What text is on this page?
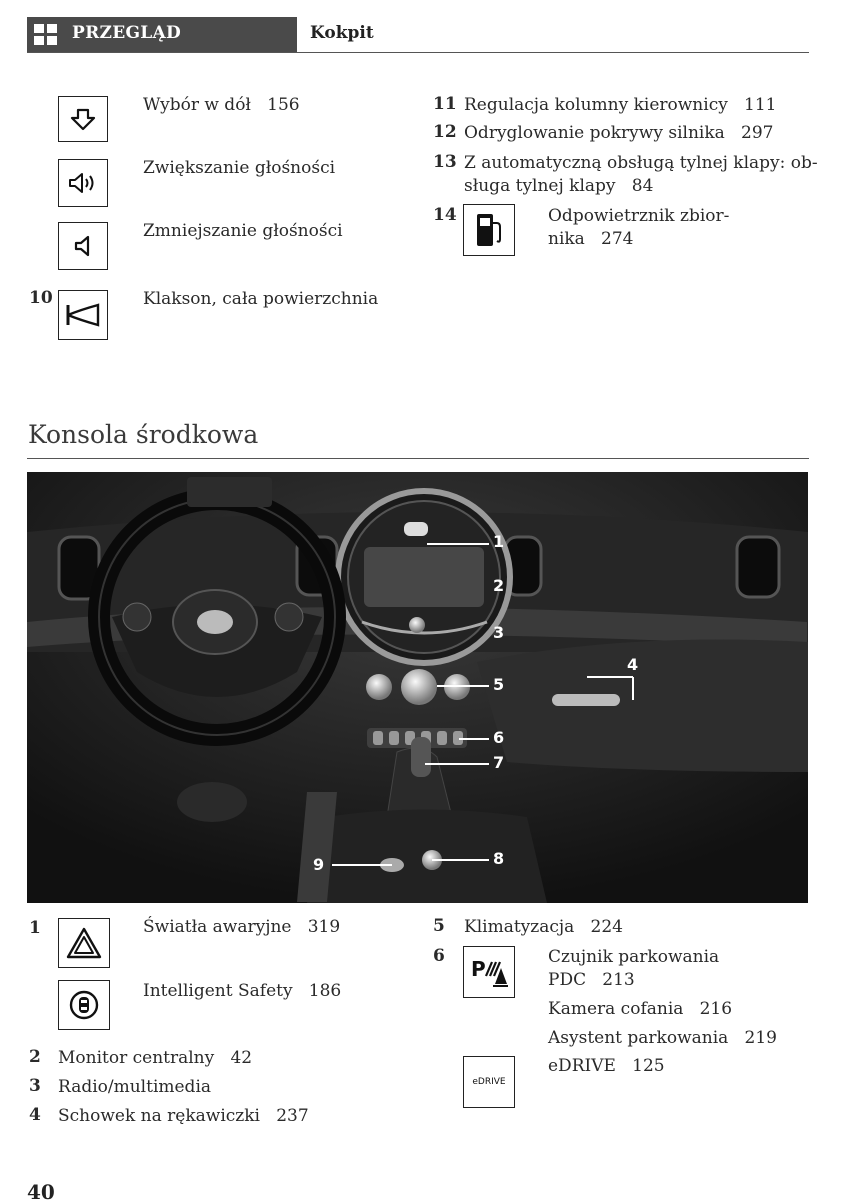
PRZEGLĄD	Kokpit
Wybór w dół 156
Zwiększanie głośności
Zmniejszanie głośności
10	Klakson, cała powierzchnia
11 Regulacja kolumny kierownicy 111
12 Odryglowanie pokrywy silnika 297
13 Z automatyczną obsługą tylnej klapy: ob-
sługa tylnej klapy 84
14	Odpowietrznik zbior-
nika 274
Konsola środkowa
1
2
3
4
5
6
7
8
9
1	Światła awaryjne 319
Intelligent Safety 186
2 Monitor centralny 42
3 Radio/multimedia
4 Schowek na rękawiczki 237
5 Klimatyzacja 224
6
P	Czujnik parkowania
PDC 213
Kamera cofania 216
Asystent parkowania 219
eDRIVE
eDRIVE 125
40
